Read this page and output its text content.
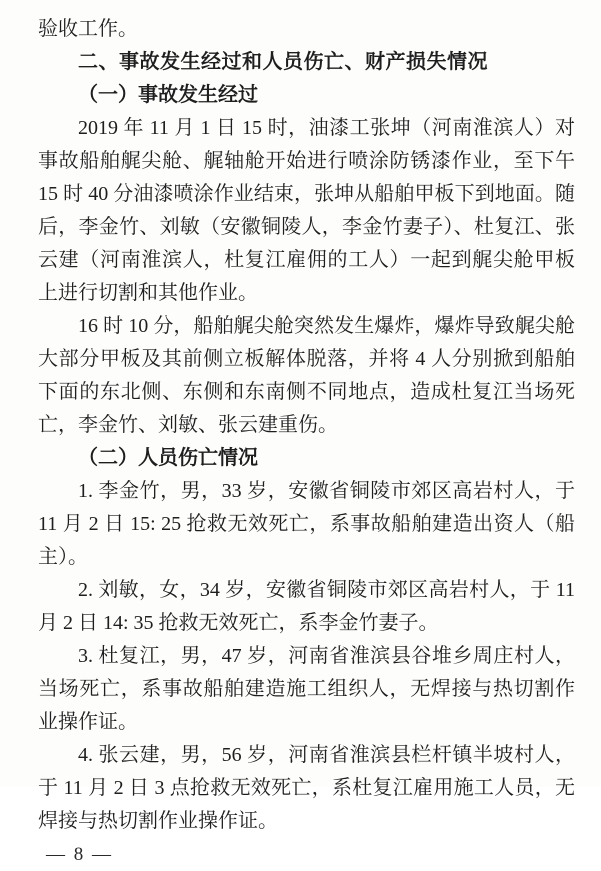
验收工作。

二、事故发生经过和人员伤亡、财产损失情况

（一）事故发生经过

2019 年 11 月 1 日 15 时，油漆工张坤（河南淮滨人）对事故船舶艉尖舱、艉轴舱开始进行喷涂防锈漆作业，至下午 15 时 40 分油漆喷涂作业结束，张坤从船舶甲板下到地面。随后，李金竹、刘敏（安徽铜陵人，李金竹妻子）、杜复江、张云建（河南淮滨人，杜复江雇佣的工人）一起到艉尖舱甲板上进行切割和其他作业。

16 时 10 分，船舶艉尖舱突然发生爆炸，爆炸导致艉尖舱大部分甲板及其前侧立板解体脱落，并将 4 人分别掀到船舶下面的东北侧、东侧和东南侧不同地点，造成杜复江当场死亡，李金竹、刘敏、张云建重伤。

（二）人员伤亡情况

1. 李金竹，男，33 岁，安徽省铜陵市郊区高岩村人，于 11 月 2 日 15: 25 抢救无效死亡，系事故船舶建造出资人（船主）。

2. 刘敏，女，34 岁，安徽省铜陵市郊区高岩村人，于 11 月 2 日 14: 35 抢救无效死亡，系李金竹妻子。

3. 杜复江，男，47 岁，河南省淮滨县谷堆乡周庄村人，当场死亡，系事故船舶建造施工组织人，无焊接与热切割作业操作证。

4. 张云建，男，56 岁，河南省淮滨县栏杆镇半坡村人，于 11 月 2 日 3 点抢救无效死亡，系杜复江雇用施工人员，无焊接与热切割作业操作证。

— 8 —
